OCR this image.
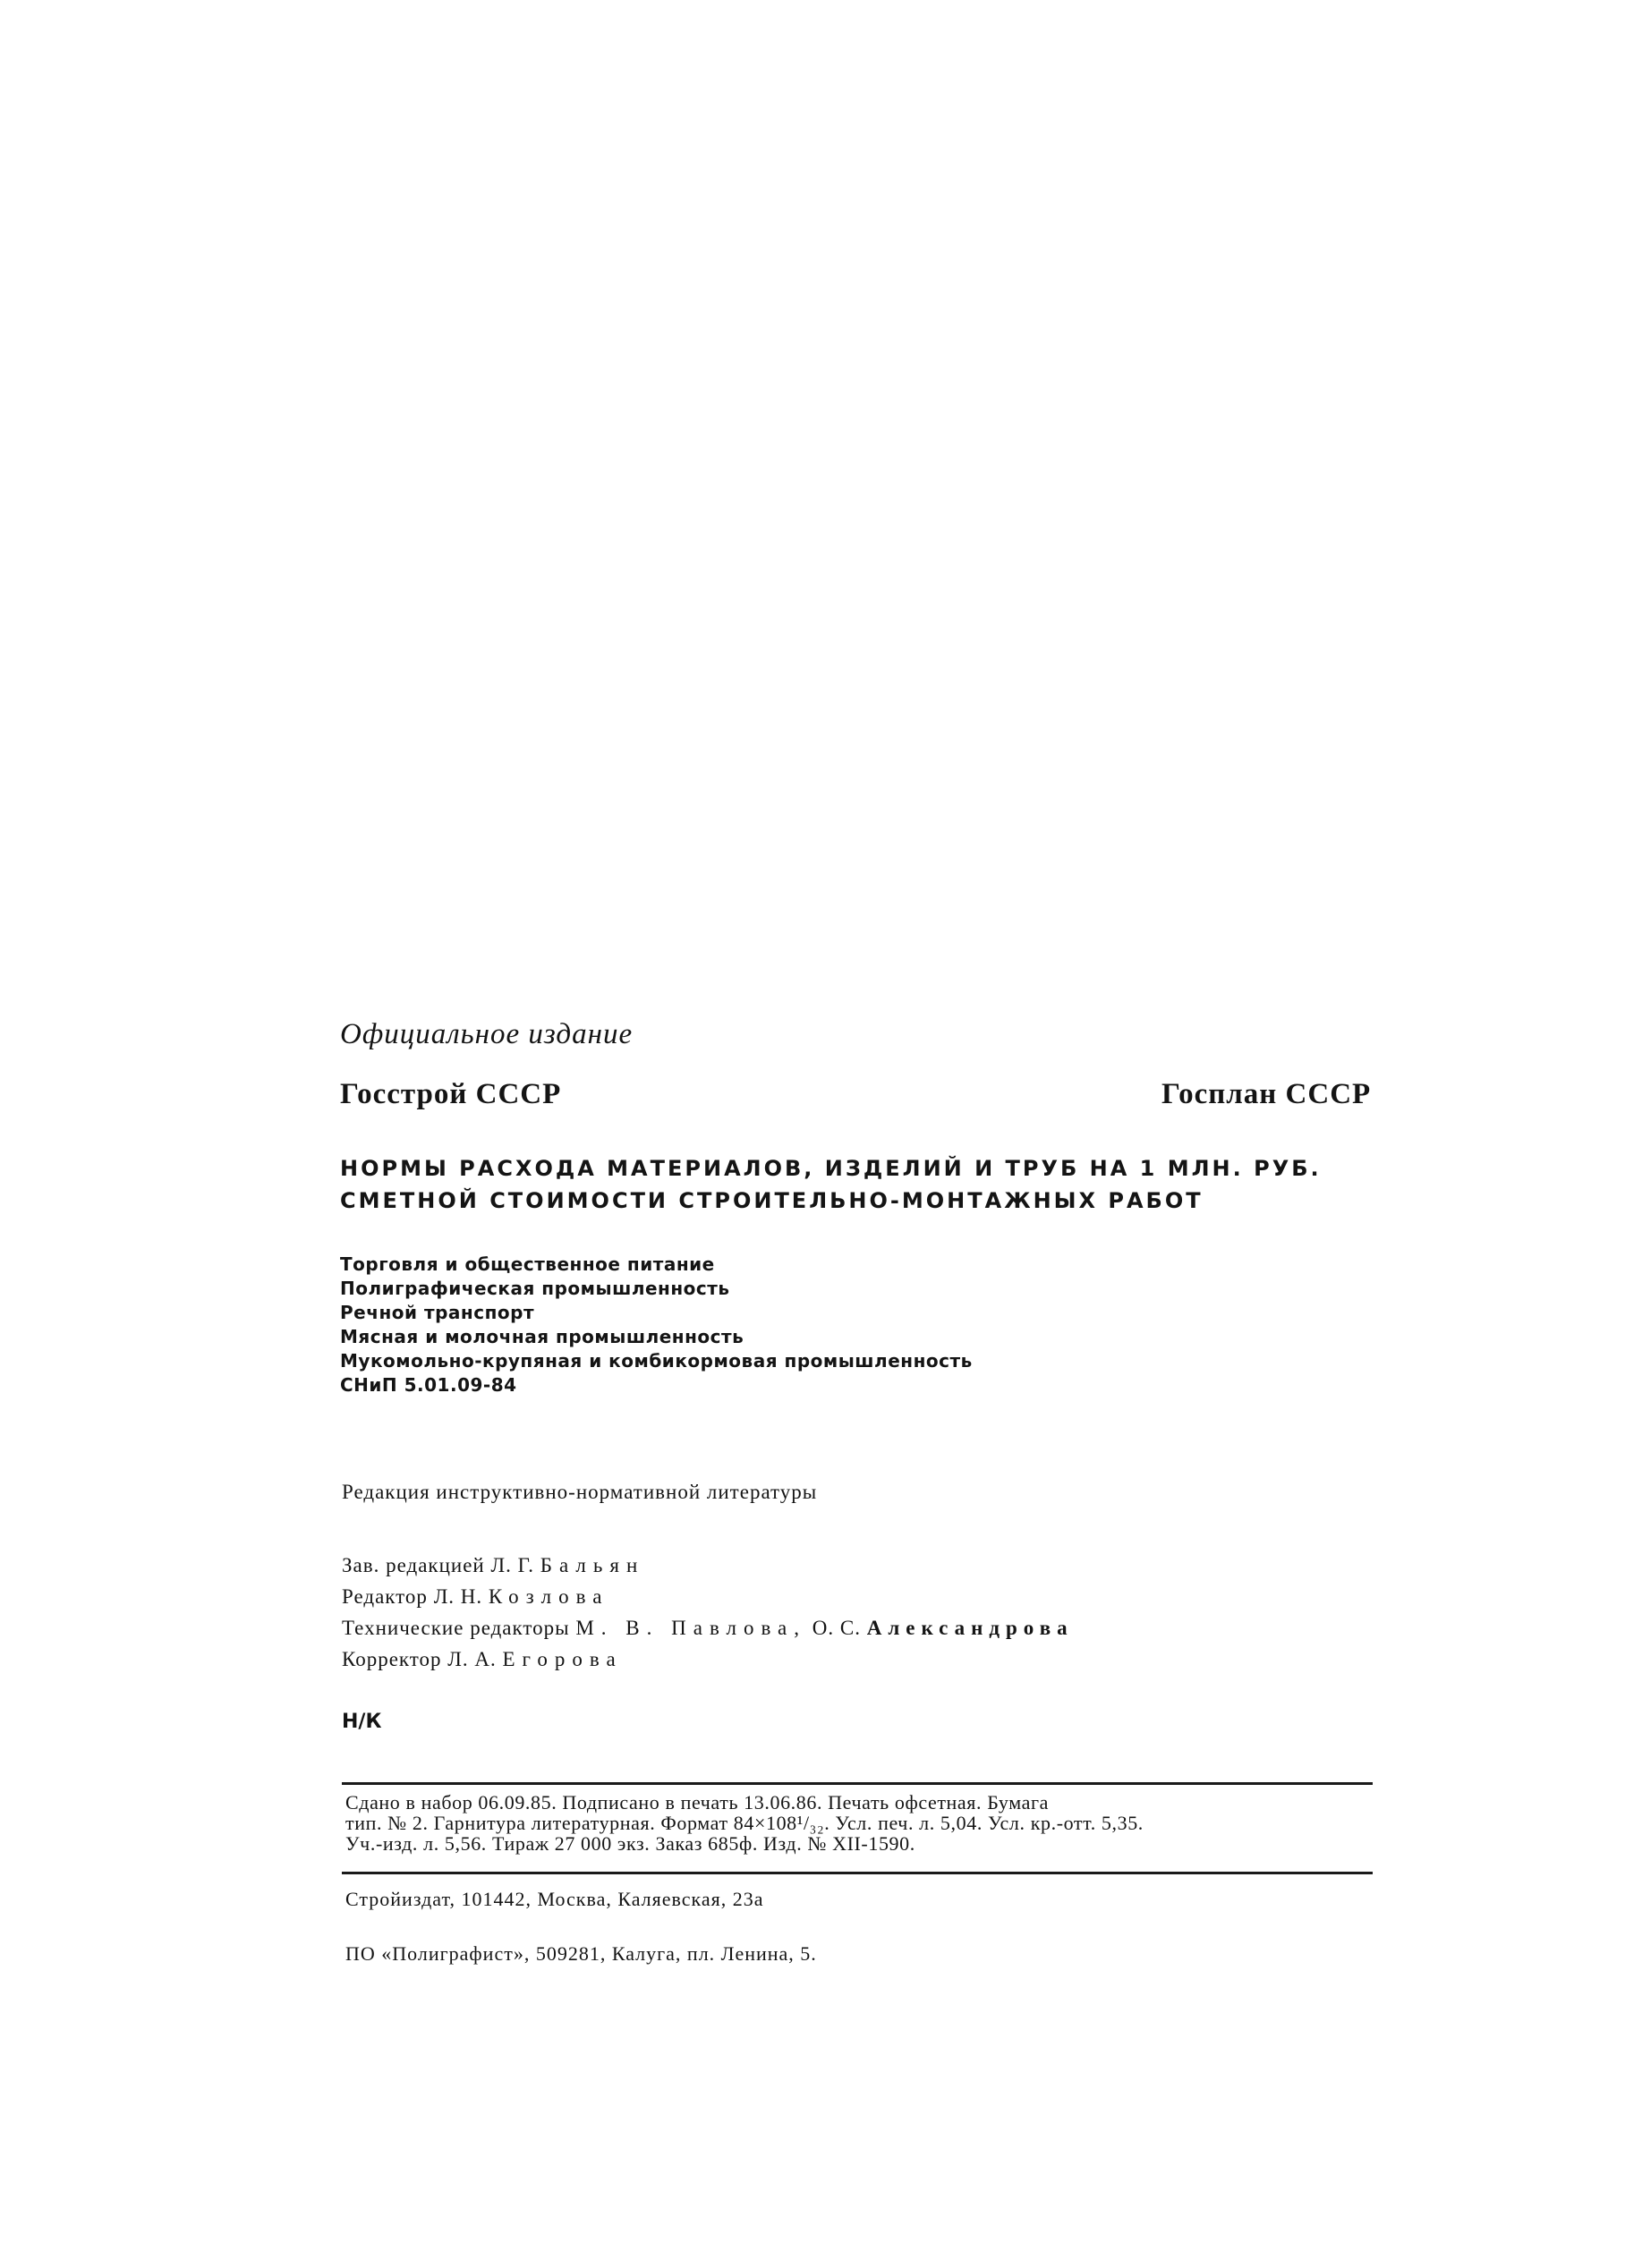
Официальное издание
Госстрой СССР	Госплан СССР
НОРМЫ РАСХОДА МАТЕРИАЛОВ, ИЗДЕЛИЙ И ТРУБ НА 1 МЛН. РУБ.
СМЕТНОЙ СТОИМОСТИ СТРОИТЕЛЬНО-МОНТАЖНЫХ РАБОТ
Торговля и общественное питание
Полиграфическая промышленность
Речной транспорт
Мясная и молочная промышленность
Мукомольно-крупяная и комбикормовая промышленность
СНиП 5.01.09-84
Редакция инструктивно-нормативной литературы
Зав. редакцией Л. Г. Бальян
Редактор Л. Н. Козлова
Технические редакторы М. В. Павлова, О. С. Александрова
Корректор Л. А. Егорова
Н/К
Сдано в набор 06.09.85. Подписано в печать 13.06.86. Печать офсетная. Бумага
тип. № 2. Гарнитура литературная. Формат 84×108¹/₃₂. Усл. печ. л. 5,04. Усл. кр.-отт. 5,35.
Уч.-изд. л. 5,56. Тираж 27 000 экз. Заказ 685ф. Изд. № XII-1590.
Стройиздат, 101442, Москва, Каляевская, 23а
ПО «Полиграфист», 509281, Калуга, пл. Ленина, 5.
